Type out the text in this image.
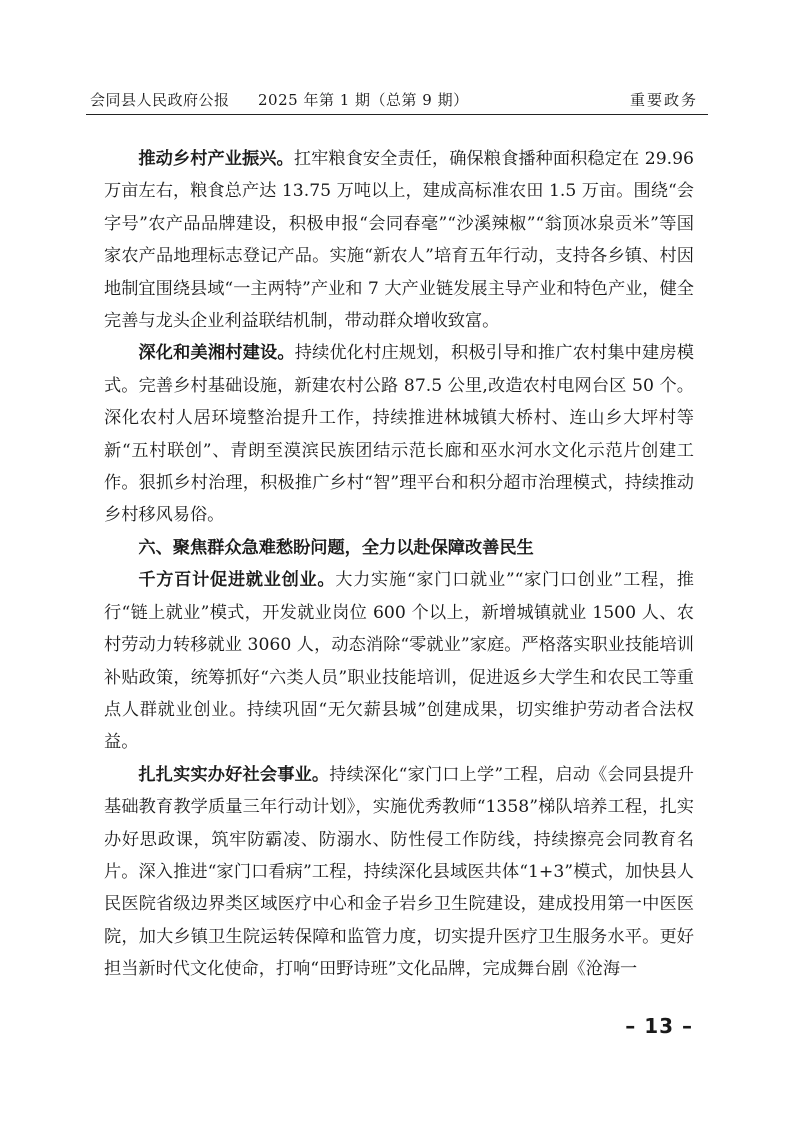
会同县人民政府公报 2025 年第 1 期（总第 9 期）	重要政务

推动乡村产业振兴。扛牢粮食安全责任，确保粮食播种面积稳定在 29.96 万亩左右，粮食总产达 13.75 万吨以上，建成高标准农田 1.5 万亩。围绕“会字号”农产品品牌建设，积极申报“会同春毫”“沙溪辣椒”“翁顶冰泉贡米”等国家农产品地理标志登记产品。实施“新农人”培育五年行动，支持各乡镇、村因地制宜围绕县域“一主两特”产业和 7 大产业链发展主导产业和特色产业，健全完善与龙头企业利益联结机制，带动群众增收致富。

深化和美湘村建设。持续优化村庄规划，积极引导和推广农村集中建房模式。完善乡村基础设施，新建农村公路 87.5 公里,改造农村电网台区 50 个。深化农村人居环境整治提升工作，持续推进林城镇大桥村、连山乡大坪村等新“五村联创”、青朗至漠滨民族团结示范长廊和巫水河水文化示范片创建工作。狠抓乡村治理，积极推广乡村“智”理平台和积分超市治理模式，持续推动乡村移风易俗。

六、聚焦群众急难愁盼问题，全力以赴保障改善民生

千方百计促进就业创业。大力实施“家门口就业”“家门口创业”工程，推行“链上就业”模式，开发就业岗位 600 个以上，新增城镇就业 1500 人、农村劳动力转移就业 3060 人，动态消除“零就业”家庭。严格落实职业技能培训补贴政策，统筹抓好“六类人员”职业技能培训，促进返乡大学生和农民工等重点人群就业创业。持续巩固“无欠薪县城”创建成果，切实维护劳动者合法权益。

扎扎实实办好社会事业。持续深化“家门口上学”工程，启动《会同县提升基础教育教学质量三年行动计划》，实施优秀教师“1358”梯队培养工程，扎实办好思政课，筑牢防霸凌、防溺水、防性侵工作防线，持续擦亮会同教育名片。深入推进“家门口看病”工程，持续深化县域医共体“1+3”模式，加快县人民医院省级边界类区域医疗中心和金子岩乡卫生院建设，建成投用第一中医医院，加大乡镇卫生院运转保障和监管力度，切实提升医疗卫生服务水平。更好担当新时代文化使命，打响“田野诗班”文化品牌，完成舞台剧《沧海一

– 13 –
